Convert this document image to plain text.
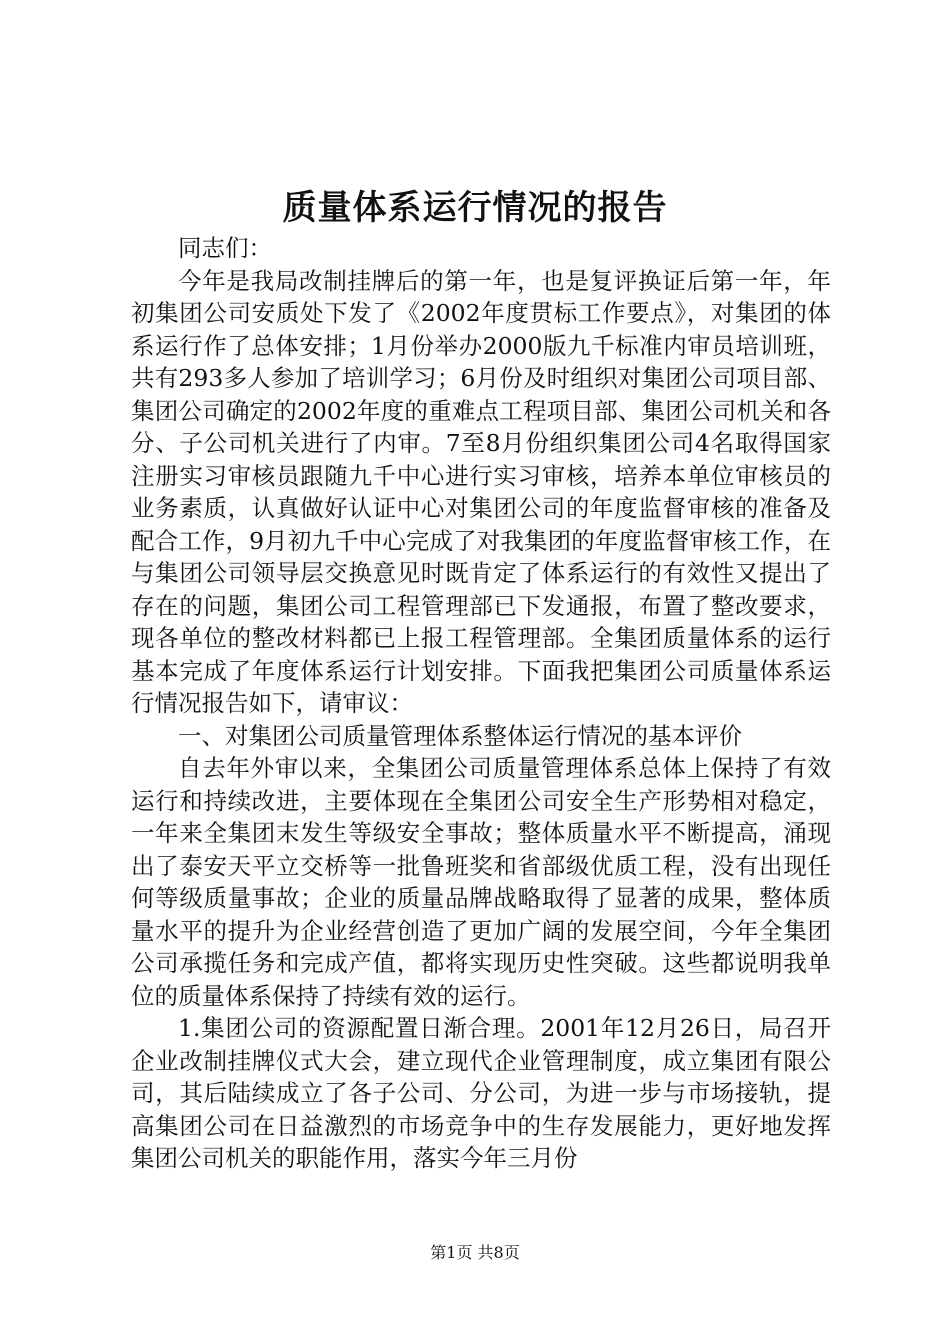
质量体系运行情况的报告

同志们：

今年是我局改制挂牌后的第一年，也是复评换证后第一年，年初集团公司安质处下发了《2002年度贯标工作要点》，对集团的体系运行作了总体安排；1月份举办2000版九千标准内审员培训班，共有293多人参加了培训学习；6月份及时组织对集团公司项目部、集团公司确定的2002年度的重难点工程项目部、集团公司机关和各分、子公司机关进行了内审。7至8月份组织集团公司4名取得国家注册实习审核员跟随九千中心进行实习审核，培养本单位审核员的业务素质，认真做好认证中心对集团公司的年度监督审核的准备及配合工作，9月初九千中心完成了对我集团的年度监督审核工作，在与集团公司领导层交换意见时既肯定了体系运行的有效性又提出了存在的问题，集团公司工程管理部已下发通报，布置了整改要求，现各单位的整改材料都已上报工程管理部。全集团质量体系的运行基本完成了年度体系运行计划安排。下面我把集团公司质量体系运行情况报告如下，请审议：

一、对集团公司质量管理体系整体运行情况的基本评价

自去年外审以来，全集团公司质量管理体系总体上保持了有效运行和持续改进，主要体现在全集团公司安全生产形势相对稳定，一年来全集团末发生等级安全事故；整体质量水平不断提高，涌现出了泰安天平立交桥等一批鲁班奖和省部级优质工程，没有出现任何等级质量事故；企业的质量品牌战略取得了显著的成果，整体质量水平的提升为企业经营创造了更加广阔的发展空间，今年全集团公司承揽任务和完成产值，都将实现历史性突破。这些都说明我单位的质量体系保持了持续有效的运行。

1.集团公司的资源配置日渐合理。2001年12月26日，局召开企业改制挂牌仪式大会，建立现代企业管理制度，成立集团有限公司，其后陆续成立了各子公司、分公司，为进一步与市场接轨，提高集团公司在日益激烈的市场竞争中的生存发展能力，更好地发挥集团公司机关的职能作用，落实今年三月份

第1页 共8页
